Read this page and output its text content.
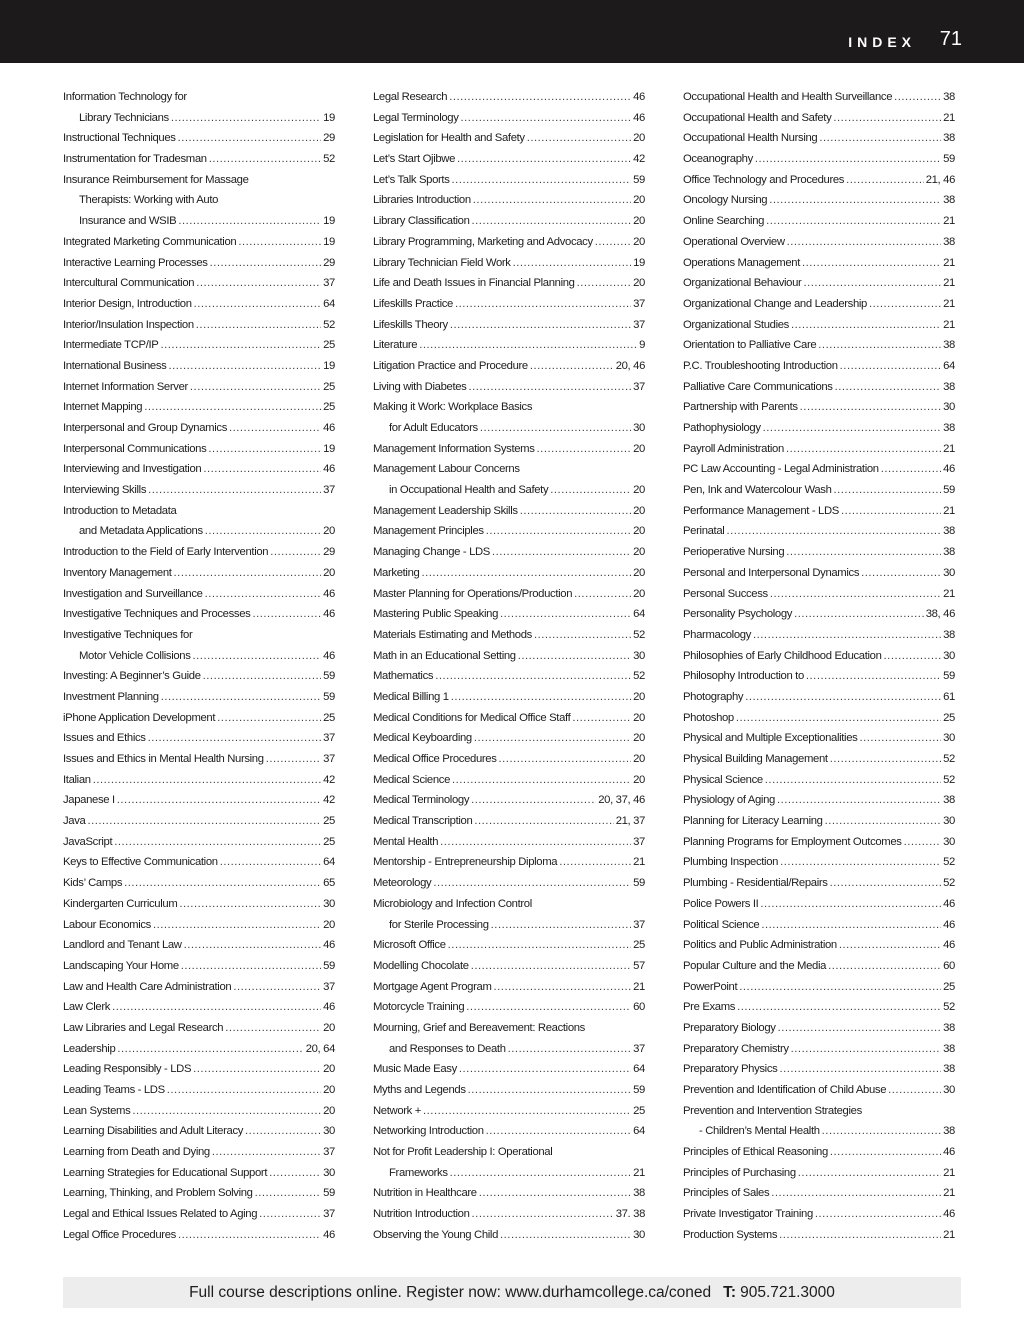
INDEX 71
Information Technology for
Library Technicians .....	19
Instructional Techniques .....	29
Instrumentation for Tradesman .....	52
Insurance Reimbursement for Massage
Therapists: Working with Auto
Insurance and WSIB .....	19
Integrated Marketing Communication .....	19
Interactive Learning Processes .....	29
Intercultural Communication .....	37
Interior Design, Introduction .....	64
Interior/Insulation Inspection .....	52
Intermediate TCP/IP .....	25
International Business .....	19
Internet Information Server .....	25
Internet Mapping .....	25
Interpersonal and Group Dynamics .....	46
Interpersonal Communications .....	19
Interviewing and Investigation .....	46
Interviewing Skills .....	37
Introduction to Metadata
and Metadata Applications .....	20
Introduction to the Field of Early Intervention .....	29
Inventory Management .....	20
Investigation and Surveillance .....	46
Investigative Techniques and Processes .....	46
Investigative Techniques for
Motor Vehicle Collisions .....	46
Investing: A Beginner’s Guide .....	59
Investment Planning .....	59
iPhone Application Development .....	25
Issues and Ethics .....	37
Issues and Ethics in Mental Health Nursing .....	37
Italian .....	42
Japanese I .....	42
Java .....	25
JavaScript .....	25
Keys to Effective Communication .....	64
Kids’ Camps .....	65
Kindergarten Curriculum .....	30
Labour Economics .....	20
Landlord and Tenant Law .....	46
Landscaping Your Home .....	59
Law and Health Care Administration .....	37
Law Clerk .....	46
Law Libraries and Legal Research .....	20
Leadership .....	20, 64
Leading Responsibly - LDS .....	20
Leading Teams - LDS .....	20
Lean Systems .....	20
Learning Disabilities and Adult Literacy .....	30
Learning from Death and Dying .....	37
Learning Strategies for Educational Support .....	30
Learning, Thinking, and Problem Solving .....	59
Legal and Ethical Issues Related to Aging .....	37
Legal Office Procedures .....	46
Legal Research .....	46
Legal Terminology .....	46
Legislation for Health and Safety .....	20
Let’s Start Ojibwe .....	42
Let’s Talk Sports .....	59
Libraries Introduction .....	20
Library Classification .....	20
Library Programming, Marketing and Advocacy .....	20
Library Technician Field Work .....	19
Life and Death Issues in Financial Planning .....	20
Lifeskills Practice .....	37
Lifeskills Theory .....	37
Literature .....	9
Litigation Practice and Procedure .....	20, 46
Living with Diabetes .....	37
Making it Work: Workplace Basics
for Adult Educators .....	30
Management Information Systems .....	20
Management Labour Concerns
in Occupational Health and Safety .....	20
Management Leadership Skills .....	20
Management Principles .....	20
Managing Change - LDS .....	20
Marketing .....	20
Master Planning for Operations/Production .....	20
Mastering Public Speaking .....	64
Materials Estimating and Methods .....	52
Math in an Educational Setting .....	30
Mathematics .....	52
Medical Billing 1 .....	20
Medical Conditions for Medical Office Staff .....	20
Medical Keyboarding .....	20
Medical Office Procedures .....	20
Medical Science .....	20
Medical Terminology .....	20, 37, 46
Medical Transcription .....	21, 37
Mental Health .....	37
Mentorship - Entrepreneurship Diploma .....	21
Meteorology .....	59
Microbiology and Infection Control
for Sterile Processing .....	37
Microsoft Office .....	25
Modelling Chocolate .....	57
Mortgage Agent Program .....	21
Motorcycle Training .....	60
Mourning, Grief and Bereavement: Reactions
and Responses to Death .....	37
Music Made Easy .....	64
Myths and Legends .....	59
Network + .....	25
Networking Introduction .....	64
Not for Profit Leadership I: Operational
Frameworks .....	21
Nutrition in Healthcare .....	38
Nutrition Introduction .....	37. 38
Observing the Young Child .....	30
Occupational Health and Health Surveillance .....	38
Occupational Health and Safety .....	21
Occupational Health Nursing .....	38
Oceanography .....	59
Office Technology and Procedures .....	21, 46
Oncology Nursing .....	38
Online Searching .....	21
Operational Overview .....	38
Operations Management .....	21
Organizational Behaviour .....	21
Organizational Change and Leadership .....	21
Organizational Studies .....	21
Orientation to Palliative Care .....	38
P.C. Troubleshooting Introduction .....	64
Palliative Care Communications .....	38
Partnership with Parents .....	30
Pathophysiology .....	38
Payroll Administration .....	21
PC Law Accounting - Legal Administration .....	46
Pen, Ink and Watercolour Wash .....	59
Performance Management - LDS .....	21
Perinatal .....	38
Perioperative Nursing .....	38
Personal and Interpersonal Dynamics .....	30
Personal Success .....	21
Personality Psychology .....	38, 46
Pharmacology .....	38
Philosophies of Early Childhood Education .....	30
Philosophy Introduction to .....	59
Photography .....	61
Photoshop .....	25
Physical and Multiple Exceptionalities .....	30
Physical Building Management .....	52
Physical Science .....	52
Physiology of Aging .....	38
Planning for Literacy Learning .....	30
Planning Programs for Employment Outcomes .....	30
Plumbing Inspection .....	52
Plumbing - Residential/Repairs .....	52
Police Powers II .....	46
Political Science .....	46
Politics and Public Administration .....	46
Popular Culture and the Media .....	60
PowerPoint .....	25
Pre Exams .....	52
Preparatory Biology .....	38
Preparatory Chemistry .....	38
Preparatory Physics .....	38
Prevention and Identification of Child Abuse .....	30
Prevention and Intervention Strategies
- Children’s Mental Health .....	38
Principles of Ethical Reasoning .....	46
Principles of Purchasing .....	21
Principles of Sales .....	21
Private Investigator Training .....	46
Production Systems .....	21
Full course descriptions online. Register now: www.durhamcollege.ca/coned T: 905.721.3000
